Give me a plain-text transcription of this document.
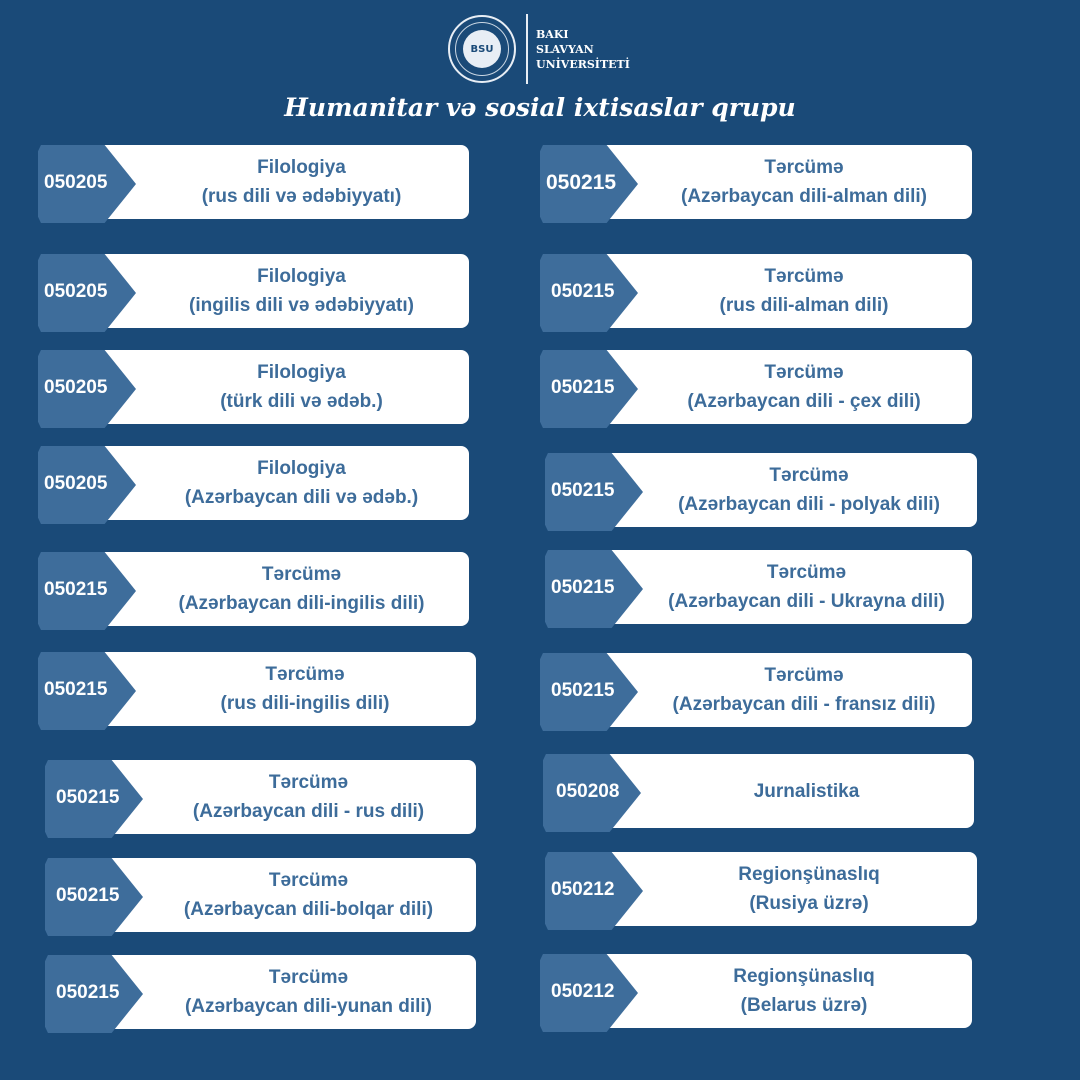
BSU
BAKI
SLAVYAN
UNİVERSİTETİ
Humanitar və sosial ixtisaslar qrupu
050205
Filologiya
(rus dili və ədəbiyyatı)
050205
Filologiya
(ingilis dili və ədəbiyyatı)
050205
Filologiya
(türk dili və ədəb.)
050205
Filologiya
(Azərbaycan dili və ədəb.)
050215
Tərcümə
(Azərbaycan dili-ingilis dili)
050215
Tərcümə
(rus dili-ingilis dili)
050215
Tərcümə
(Azərbaycan dili - rus dili)
050215
Tərcümə
(Azərbaycan dili-bolqar dili)
050215
Tərcümə
(Azərbaycan dili-yunan dili)
050215
Tərcümə
(Azərbaycan dili-alman dili)
050215
Tərcümə
(rus dili-alman dili)
050215
Tərcümə
(Azərbaycan dili - çex dili)
050215
Tərcümə
(Azərbaycan dili - polyak dili)
050215
Tərcümə
(Azərbaycan dili - Ukrayna dili)
050215
Tərcümə
(Azərbaycan dili - fransız dili)
050208	Jurnalistika
050212
Regionşünaslıq
(Rusiya üzrə)
050212
Regionşünaslıq
(Belarus üzrə)
